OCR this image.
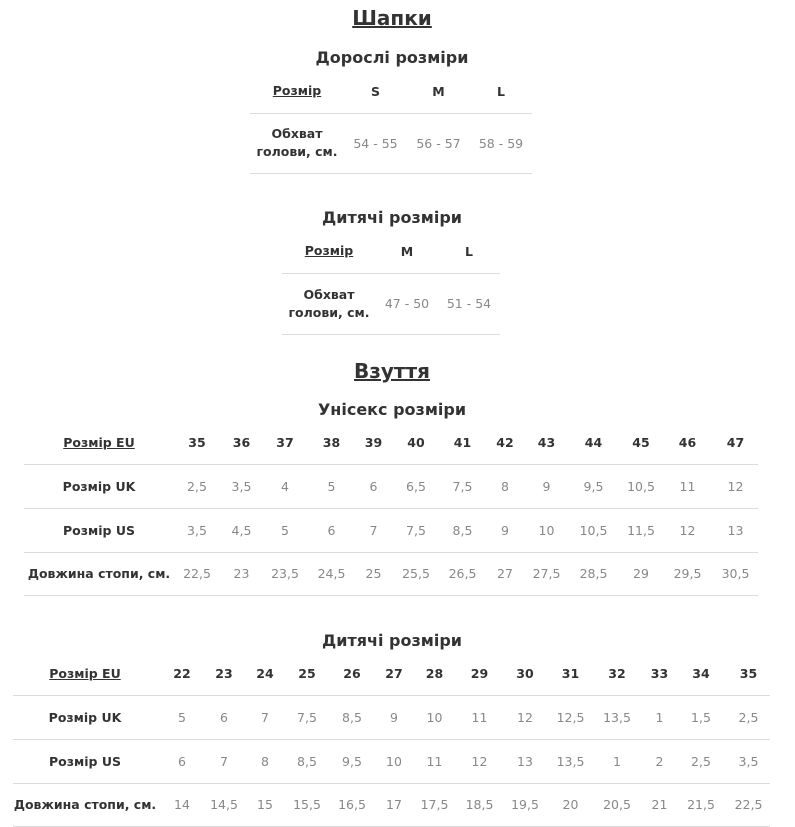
Шапки
Дорослі розміри
Розмір	S	M	L
Обхват голови, см.	54 - 55	56 - 57	58 - 59
Дитячі розміри
Розмір	M	L
Обхват голови, см.	47 - 50	51 - 54
Взуття
Унісекс розміри
Розмір EU	35	36	37	38	39	40	41	42	43	44	45	46	47
Розмір UK	2,5	3,5	4	5	6	6,5	7,5	8	9	9,5	10,5	11	12
Розмір US	3,5	4,5	5	6	7	7,5	8,5	9	10	10,5	11,5	12	13
Довжина стопи, см.	22,5	23	23,5	24,5	25	25,5	26,5	27	27,5	28,5	29	29,5	30,5
Дитячі розміри
Розмір EU	22	23	24	25	26	27	28	29	30	31	32	33	34	35
Розмір UK	5	6	7	7,5	8,5	9	10	11	12	12,5	13,5	1	1,5	2,5
Розмір US	6	7	8	8,5	9,5	10	11	12	13	13,5	1	2	2,5	3,5
Довжина стопи, см.	14	14,5	15	15,5	16,5	17	17,5	18,5	19,5	20	20,5	21	21,5	22,5
